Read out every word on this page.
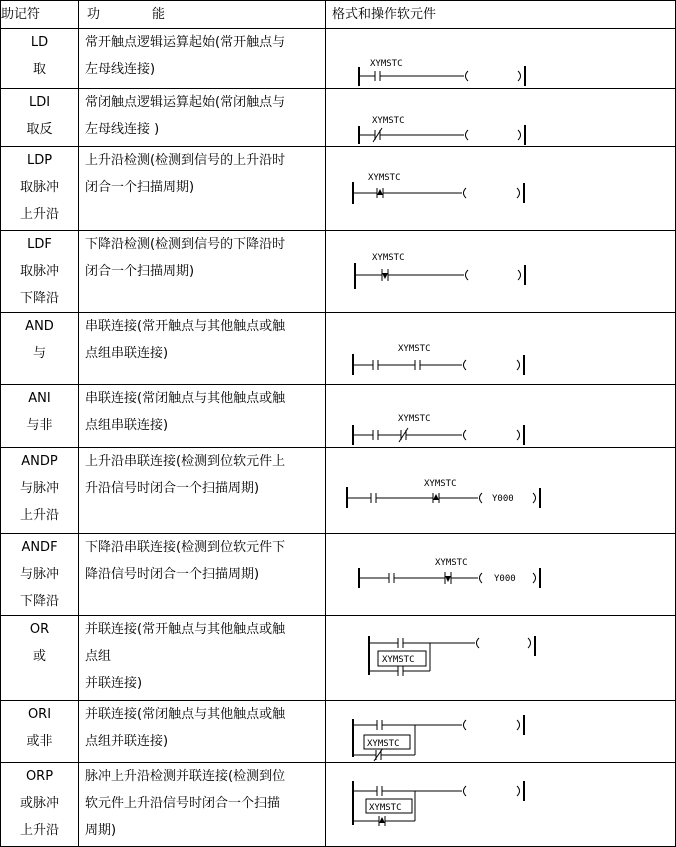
助记符	功 能	格式和操作软元件

LD
取	常开触点逻辑运算起始(常开触点与
左母线连接)	XYMSTC

LDI
取反	常闭触点逻辑运算起始(常闭触点与
左母线连接 )	XYMSTC

LDP
取脉冲
上升沿	上升沿检测(检测到信号的上升沿时
闭合一个扫描周期)	XYMSTC

LDF
取脉冲
下降沿	下降沿检测(检测到信号的下降沿时
闭合一个扫描周期)	XYMSTC

AND
与	串联连接(常开触点与其他触点或触
点组串联连接)	XYMSTC

ANI
与非	串联连接(常闭触点与其他触点或触
点组串联连接)	XYMSTC

ANDP
与脉冲
上升沿	上升沿串联连接(检测到位软元件上
升沿信号时闭合一个扫描周期)	XYMSTC
Y000

ANDF
与脉冲
下降沿	下降沿串联连接(检测到位软元件下
降沿信号时闭合一个扫描周期)	XYMSTC
Y000

OR
或	并联连接(常开触点与其他触点或触
点组
并联连接)	XYMSTC

ORI
或非	并联连接(常闭触点与其他触点或触
点组并联连接)	XYMSTC

ORP
或脉冲
上升沿	脉冲上升沿检测并联连接(检测到位
软元件上升沿信号时闭合一个扫描
周期)	XYMSTC
